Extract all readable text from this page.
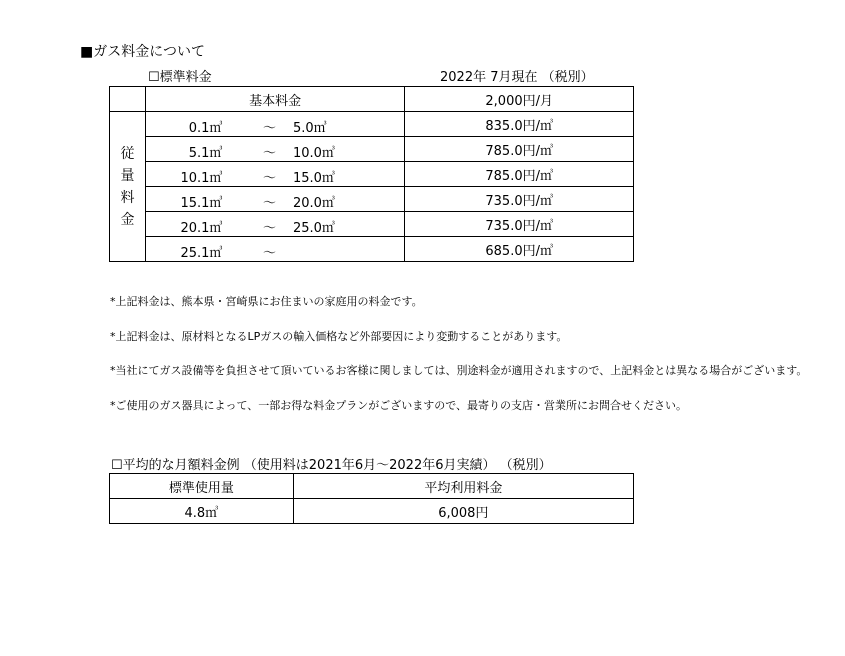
■ガス料金について
☐標準料金	2022年 7月現在 （税別）
	基本料金	2,000円/月
従
量
料
金	0.1㎥ ～ 5.0㎥	835.0円/㎥

	5.1㎥ ～ 10.0㎥	785.0円/㎥

	10.1㎥ ～ 15.0㎥	785.0円/㎥

	15.1㎥ ～ 20.0㎥	735.0円/㎥

	20.1㎥ ～ 25.0㎥	735.0円/㎥

	25.1㎥ ～	685.0円/㎥
*上記料金は、熊本県・宮崎県にお住まいの家庭用の料金です。
*上記料金は、原材料となるLPガスの輸入価格など外部要因により変動することがあります。
*当社にてガス設備等を負担させて頂いているお客様に関しましては、別途料金が適用されますので、上記料金とは異なる場合がございます。
*ご使用のガス器具によって、一部お得な料金プランがございますので、最寄りの支店・営業所にお問合せください。
☐平均的な月額料金例 （使用料は2021年6月～2022年6月実績） （税別）
標準使用量	平均利用料金
4.8㎥	6,008円
